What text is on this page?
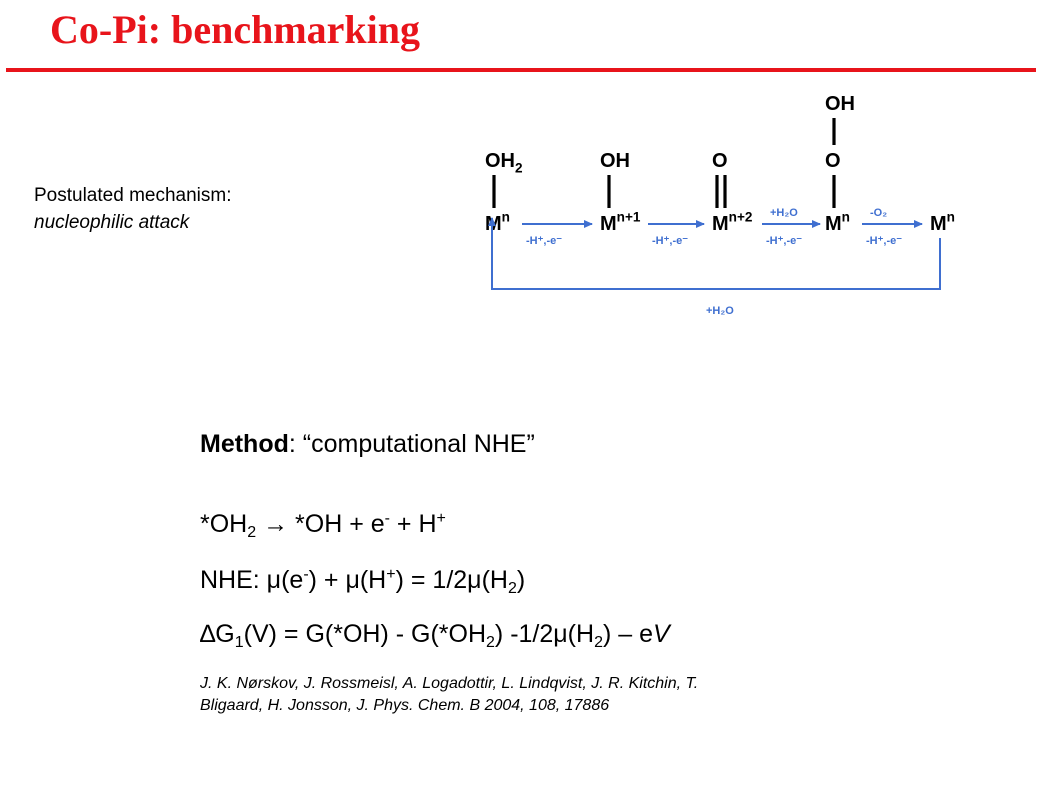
Co-Pi: benchmarking
Postulated mechanism:
nucleophilic attack	$M^n$
$OH_2$
$M^{n+1}$
OH
$M^{n+2}$
O
$M^n$
O
OH
$M^n$
-H⁺,-e⁻	-H⁺,-e⁻	-H⁺,-e⁻
+H₂O
-H⁺,-e⁻
-O₂
+H₂O
Method: “computational NHE”
$*OH_2 \to *OH + e^- + H^+$
NHE: $\mu(e^-) + \mu(H^+) = 1/2\mu(H_2)$
$\Delta G_1(V) = G(*OH) - G(*OH_2)$ $-1/2\mu(H_2)$ – eV
J. K. Nørskov, J. Rossmeisl, A. Logadottir, L. Lindqvist, J. R. Kitchin, T.
Bligaard, H. Jonsson, J. Phys. Chem. B 2004, 108, 17886
